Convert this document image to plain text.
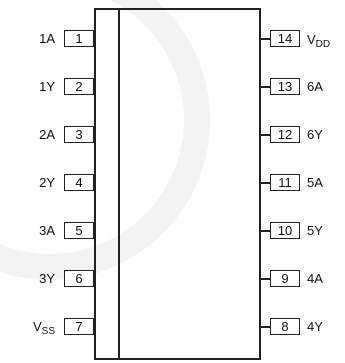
1A	1
1Y	2
2A	3
2Y	4
3A	5
3Y	6
$V_{SS}$	7
14	$V_{DD}$
13	6A
12	6Y
11	5A
10	5Y
9	4A
8	4Y
